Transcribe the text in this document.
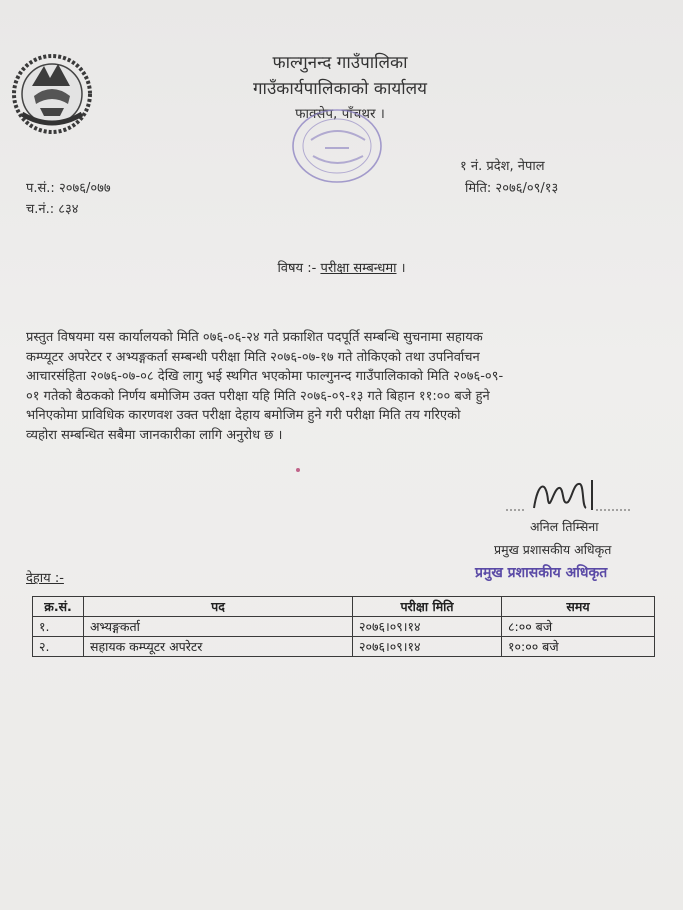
फाल्गुनन्द गाउँपालिका
गाउँकार्यपालिकाको कार्यालय
फाक्सेप, पाँचथर ।
प.सं.: २०७६/०७७
च.नं.: ८३४
१ नं. प्रदेश, नेपाल
मिति: २०७६/०९/१३
विषय :- परीक्षा सम्बन्धमा ।
प्रस्तुत विषयमा यस कार्यालयको मिति ०७६-०६-२४ गते प्रकाशित पदपूर्ति सम्बन्धि सुचनामा सहायक
कम्प्यूटर अपरेटर र अभ्यङ्गकर्ता सम्बन्धी परीक्षा मिति २०७६-०७-१७ गते तोकिएको तथा उपनिर्वाचन
आचारसंहिता २०७६-०७-०८ देखि लागु भई स्थगित भएकोमा फाल्गुनन्द गाउँपालिकाको मिति २०७६-०९-
०१ गतेको बैठकको निर्णय बमोजिम उक्त परीक्षा यहि मिति २०७६-०९-१३ गते बिहान ११:०० बजे हुने
भनिएकोमा प्राविधिक कारणवश उक्त परीक्षा देहाय बमोजिम हुने गरी परीक्षा मिति तय गरिएको
व्यहोरा सम्बन्धित सबैमा जानकारीका लागि अनुरोध छ ।
अनिल तिम्सिना
प्रमुख प्रशासकीय अधिकृत
प्रमुख प्रशासकीय अधिकृत
देहाय :-
क्र.सं.	पद	परीक्षा मिति	समय
१.	अभ्यङ्गकर्ता	२०७६।०९।१४	८:०० बजे
२.	सहायक कम्प्यूटर अपरेटर	२०७६।०९।१४	१०:०० बजे
